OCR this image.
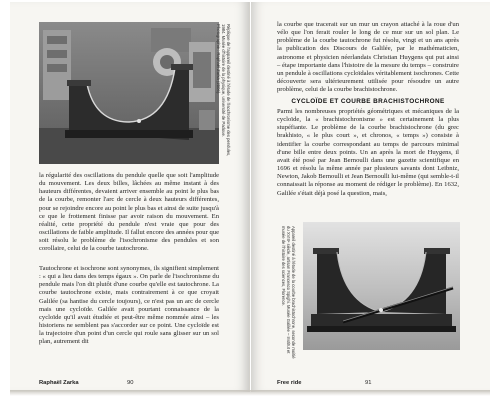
Réplique de l'appareil destiné à l'étude de l'isochronisme des pendules,
1984. Musée d'histoire de la physique, université de Padoue.
Photographie : Raphaël Zarka (2006).

la régularité des oscillations du pendule quelle que soit l'amplitude du mouvement. Les deux billes, lâchées au même instant à des hauteurs différentes, devaient arriver ensemble au point le plus bas de la courbe, remonter l'arc de cercle à deux hauteurs différentes, pour se rejoindre encore au point le plus bas et ainsi de suite jusqu'à ce que le frottement finisse par avoir raison du mouvement. En réalité, cette propriété du pendule n'est vraie que pour des oscillations de faible amplitude. Il fallut encore des années pour que soit résolu le problème de l'isochronisme des pendules et son corollaire, celui de la courbe tautochrone.

Tautochrone et isochrone sont synonymes, ils signifient simplement : « qui a lieu dans des temps égaux ». On parle de l'isochronisme du pendule mais l'on dit plutôt d'une courbe qu'elle est tautochrone. La courbe tautochrone existe, mais contrairement à ce que croyait Galilée (sa hantise du cercle toujours), ce n'est pas un arc de cercle mais une cycloïde. Galilée avait pourtant connaissance de la cycloïde qu'il avait étudiée et peut-être même nommée ainsi – les historiens ne semblent pas s'accorder sur ce point. Une cycloïde est la trajectoire d'un point d'un cercle qui roule sans glisser sur un sol plan, autrement dit

Raphaël Zarka	90

la courbe que tracerait sur un mur un crayon attaché à la roue d'un vélo que l'on ferait rouler le long de ce mur sur un sol plan. Le problème de la courbe tautochrone fut résolu, vingt et un ans après la publication des Discours de Galilée, par le mathématicien, astronome et physicien néerlandais Christian Huygens qui put ainsi – étape importante dans l'histoire de la mesure du temps – construire un pendule à oscillations cycloïdales véritablement isochrones. Cette découverte sera ultérieurement utilisée pour résoudre un autre problème, celui de la courbe brachistochrone.

CYCLOÏDE ET COURBE BRACHISTOCHRONE

Parmi les nombreuses propriétés géométriques et mécaniques de la cycloïde, la « brachistochronisme » est certainement la plus stupéfiante. Le problème de la courbe brachistochrone (du grec brakhisto, « le plus court », et chronos, « temps ») consiste à identifier la courbe correspondant au temps de parcours minimal d'une bille entre deux points. Un an après la mort de Huygens, il avait été posé par Jean Bernoulli dans une gazette scientifique en 1696 et résolu la même année par plusieurs savants dont Leibniz, Newton, Jakob Bernoulli et Jean Bernoulli lui-même (qui semble-t-il connaissait la réponse au moment de rédiger le problème). En 1632, Galilée s'était déjà posé la question, mais,

Appareil destiné à l'étude de la courbe brachistochrone, seconde moitié
du XVIIIᵉ siècle, artisan Francesco Spighi. Musée Galilée – Institut et
musée de l'histoire des sciences, Florence.
Free ride	91
